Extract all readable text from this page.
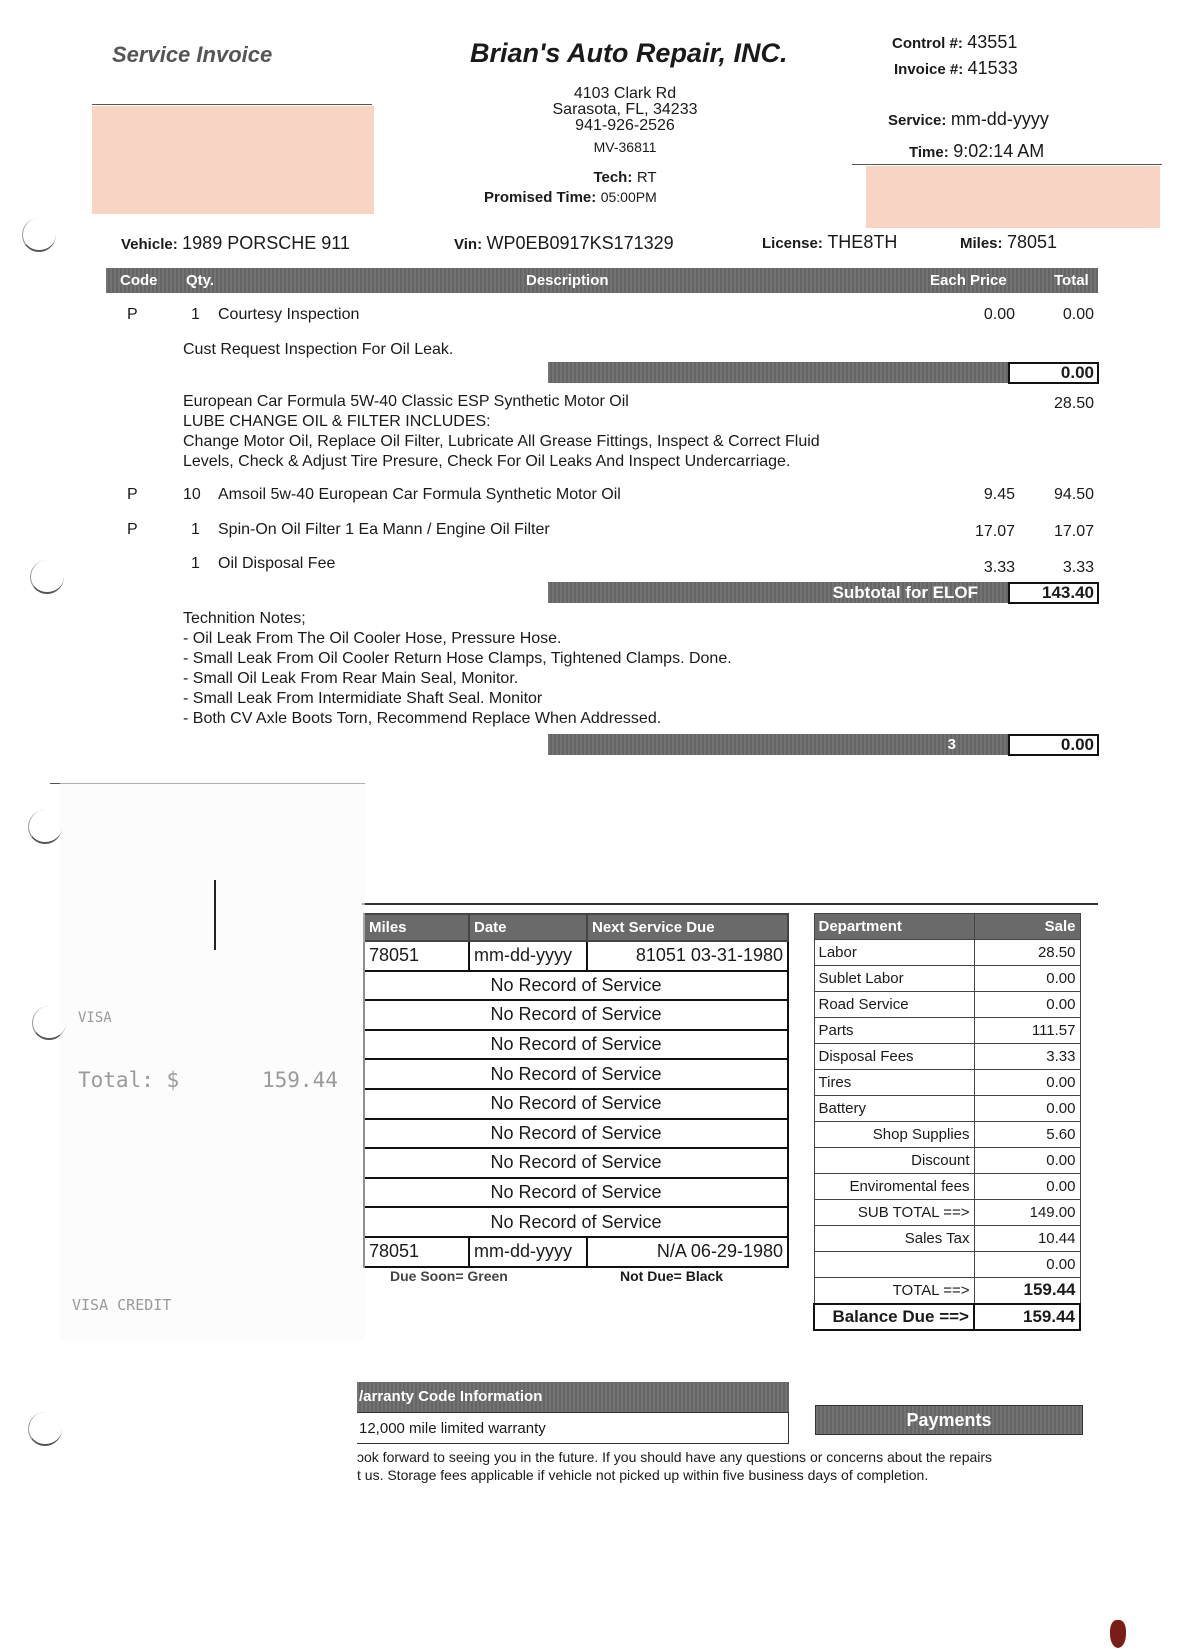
Service Invoice	Brian's Auto Repair, INC.
4103 Clark Rd
Sarasota, FL, 34233
941-926-2526
MV-36811
Tech: RT
Promised Time: 05:00PM
Control #: 43551
Invoice #: 41533
Service: mm-dd-yyyy
Time: 9:02:14 AM
Vehicle: 1989 PORSCHE 911	Vin: WP0EB0917KS171329	License: THE8TH	Miles: 78051
Code Qty.	Description	Each Price	Total
P	1 Courtesy Inspection	0.00	0.00
Cust Request Inspection For Oil Leak.
0.00
European Car Formula 5W-40 Classic ESP Synthetic Motor Oil
LUBE CHANGE OIL & FILTER INCLUDES:
Change Motor Oil, Replace Oil Filter, Lubricate All Grease Fittings, Inspect & Correct Fluid
Levels, Check & Adjust Tire Presure, Check For Oil Leaks And Inspect Undercarriage.
28.50
P	10 Amsoil 5w-40 European Car Formula Synthetic Motor Oil	9.45	94.50
P	1 Spin-On Oil Filter 1 Ea Mann / Engine Oil Filter	17.07	17.07
1 Oil Disposal Fee	3.33	3.33
Subtotal for ELOF	143.40
Technition Notes;
- Oil Leak From The Oil Cooler Hose, Pressure Hose.
- Small Leak From Oil Cooler Return Hose Clamps, Tightened Clamps. Done.
- Small Oil Leak From Rear Main Seal, Monitor.
- Small Leak From Intermidiate Shaft Seal. Monitor
- Both CV Axle Boots Torn, Recommend Replace When Addressed.
3	0.00
Miles	Date	Next Service Due
78051	mm-dd-yyyy	81051 03-31-1980
No Record of Service		
No Record of Service		
No Record of Service		
No Record of Service		
No Record of Service		
No Record of Service		
No Record of Service		
No Record of Service		
No Record of Service		
78051	mm-dd-yyyy	N/A 06-29-1980
Due Soon= Green	Not Due= Black
Department	Sale
Labor	28.50
Sublet Labor	0.00
Road Service	0.00
Parts	111.57
Disposal Fees	3.33
Tires	0.00
Battery	0.00
Shop Supplies	5.60
Discount	0.00
Enviromental fees	0.00
SUB TOTAL ==>	149.00
Sales Tax	10.44
	0.00
TOTAL ==>	159.44
Balance Due ==>	159.44
/arranty Code Information
12,000 mile limited warranty	Payments
ɔok forward to seeing you in the future. If you should have any questions or concerns about the repairs
t us. Storage fees applicable if vehicle not picked up within five business days of completion.
VISA
Total: $	159.44
VISA CREDIT
